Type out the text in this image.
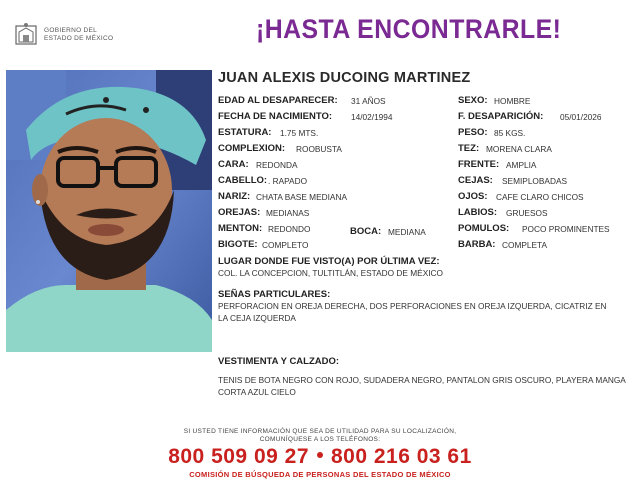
GOBIERNO DEL
ESTADO DE MÉXICO	¡HASTA ENCONTRARLE!
JUAN ALEXIS DUCOING MARTINEZ
EDAD AL DESAPARECER: 31 AÑOS
FECHA DE NACIMIENTO: 14/02/1994
ESTATURA: 1.75 MTS.
COMPLEXION: ROOBUSTA
CARA: REDONDA
CABELLO: . RAPADO
NARIZ: CHATA BASE MEDIANA
OREJAS: MEDIANAS
MENTON: REDONDO	BOCA: MEDIANA
BIGOTE: COMPLETO
SEXO: HOMBRE
F. DESAPARICIÓN: 05/01/2026
PESO: 85 KGS.
TEZ: MORENA CLARA
FRENTE: AMPLIA
CEJAS: SEMIPLOBADAS
OJOS: CAFE CLARO CHICOS
LABIOS: GRUESOS
POMULOS: POCO PROMINENTES
BARBA: COMPLETA
LUGAR DONDE FUE VISTO(A) POR ÚLTIMA VEZ:
COL. LA CONCEPCION, TULTITLÁN, ESTADO DE MÉXICO
SEÑAS PARTICULARES:
PERFORACION EN OREJA DERECHA, DOS PERFORACIONES EN OREJA IZQUERDA, CICATRIZ EN LA CEJA IZQUERDA
VESTIMENTA Y CALZADO:
TENIS DE BOTA NEGRO CON ROJO, SUDADERA NEGRO, PANTALON GRIS OSCURO, PLAYERA MANGA CORTA AZUL CIELO
SI USTED TIENE INFORMACIÓN QUE SEA DE UTILIDAD PARA SU LOCALIZACIÓN,
COMUNÍQUESE A LOS TELÉFONOS:
800 509 09 27 800 216 03 61
COMISIÓN DE BÚSQUEDA DE PERSONAS DEL ESTADO DE MÉXICO
